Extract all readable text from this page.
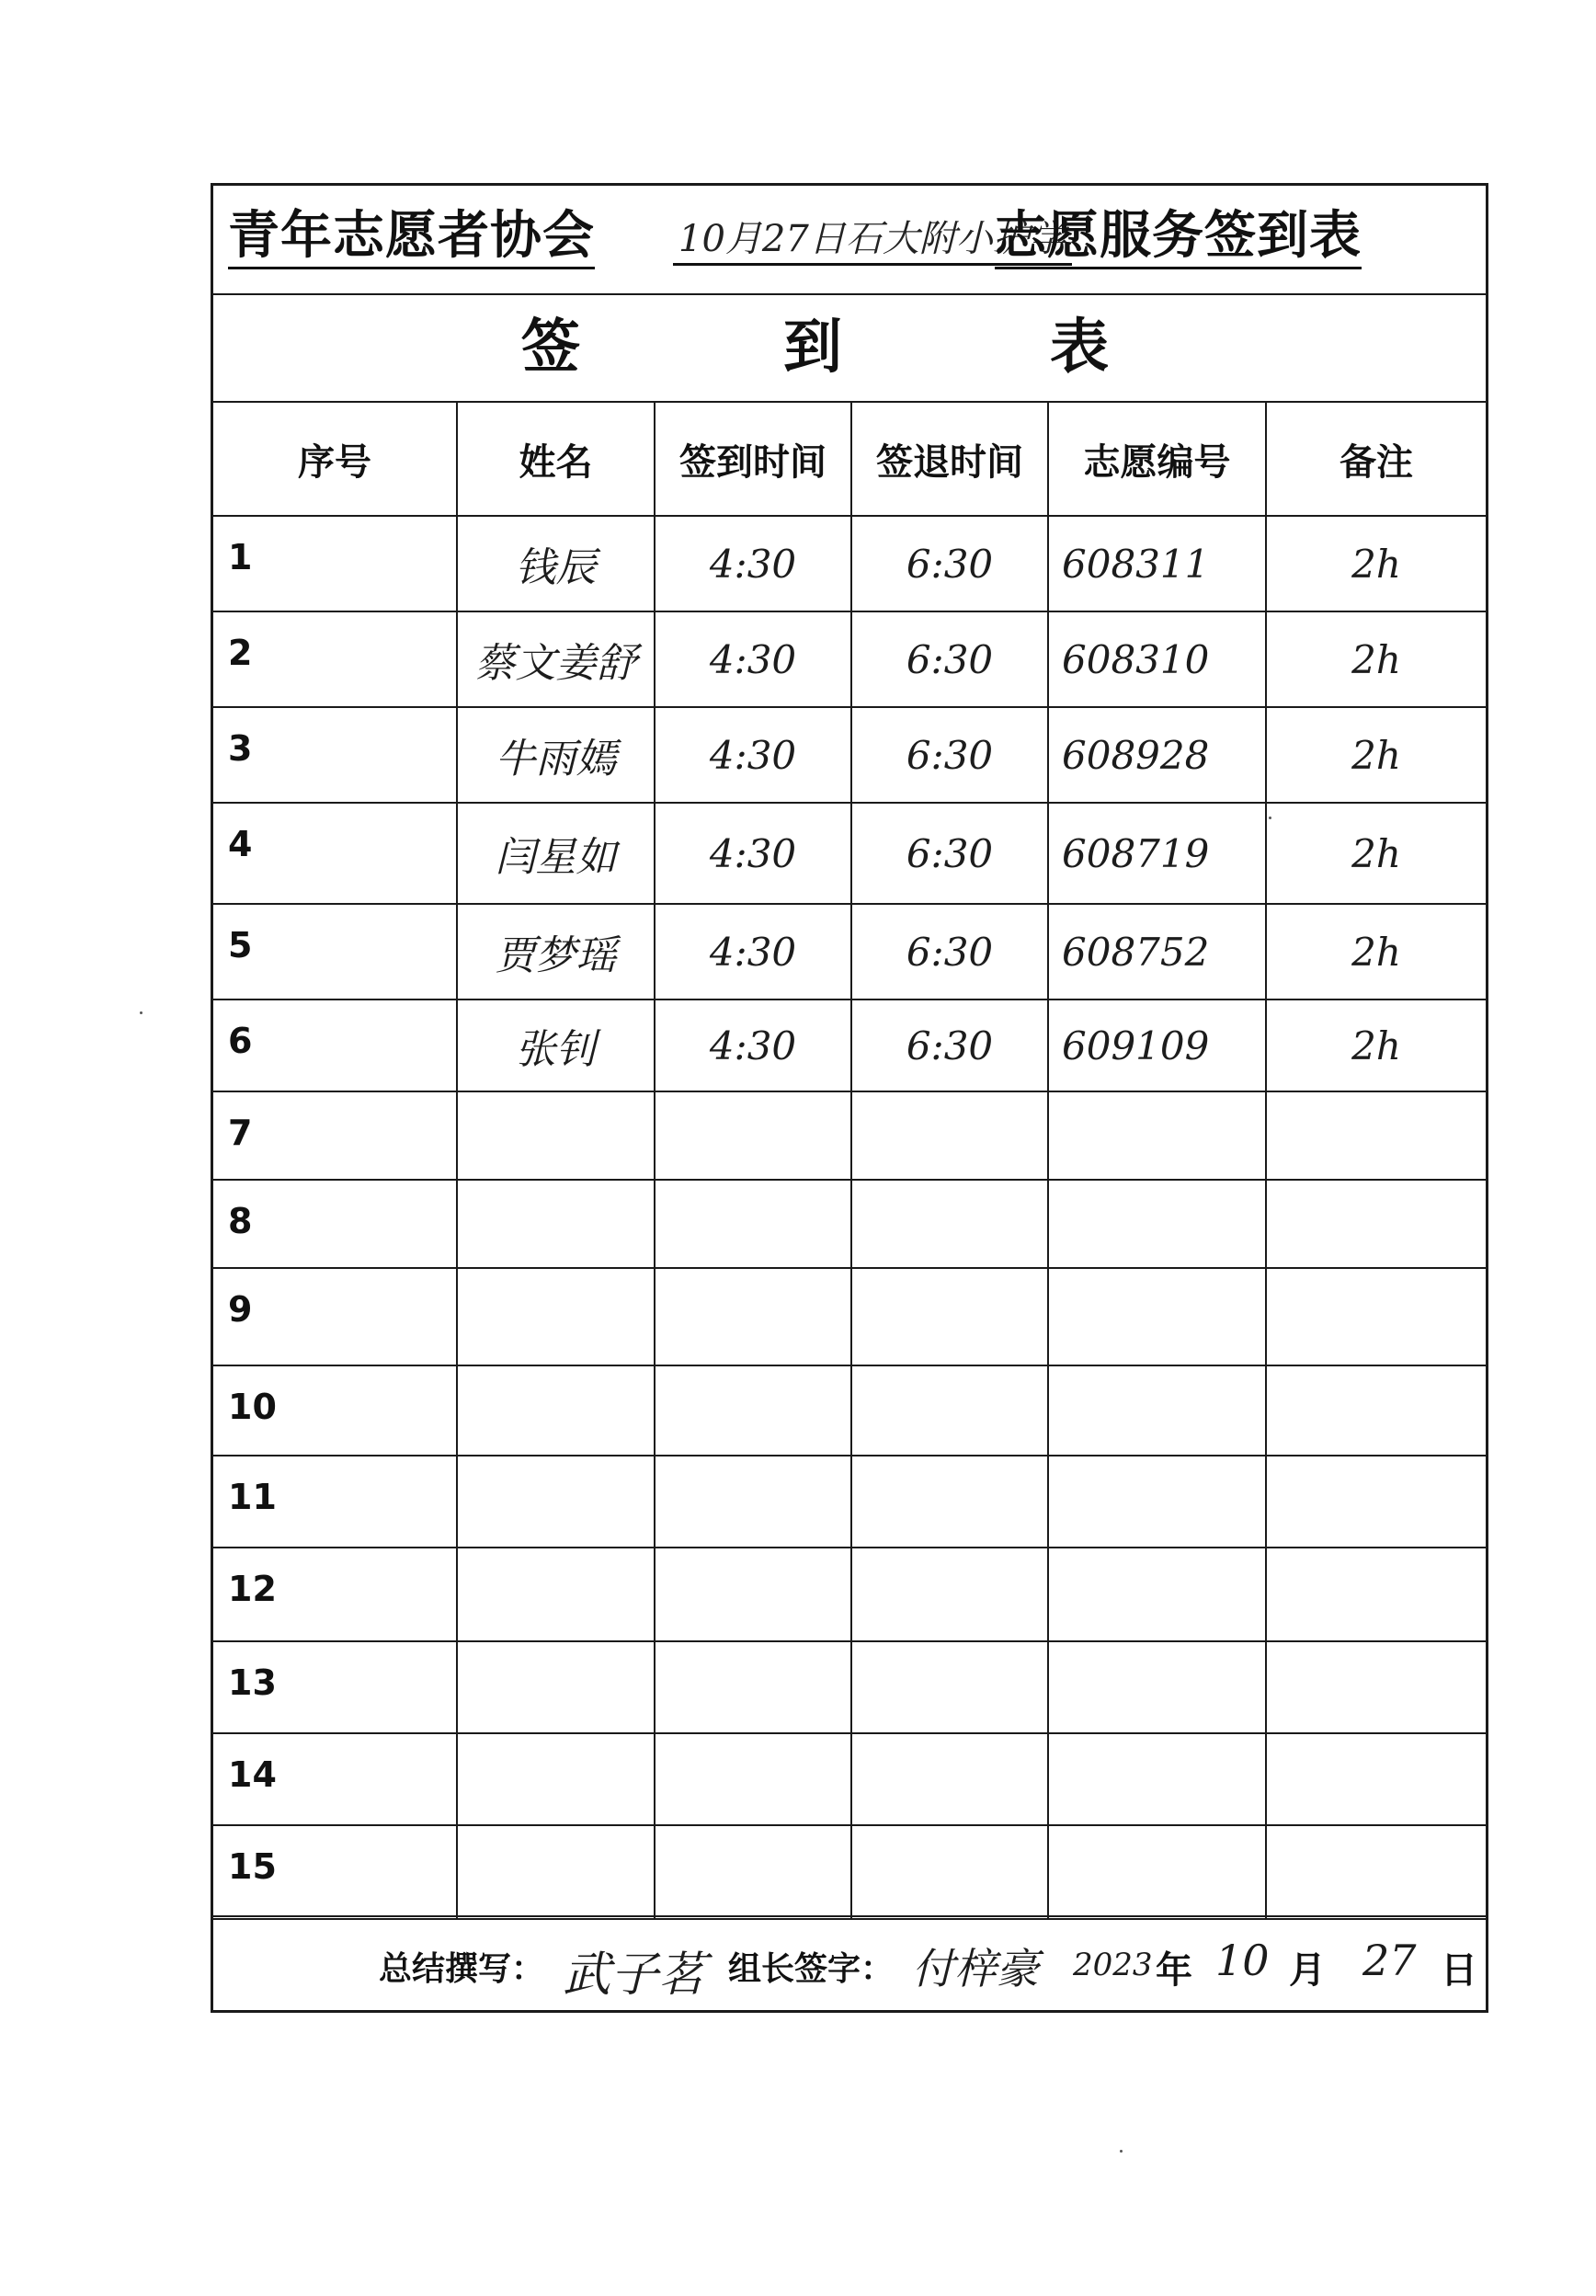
青年志愿者协会 10月27日石大附小护学
志愿服务签到表
签	到	表
序号	姓名	签到时间	签退时间	志愿编号	备注
1	钱辰	4:30	6:30	608311	2h
2	蔡文姜舒	4:30	6:30	608310	2h
3	牛雨嫣	4:30	6:30	608928	2h
4	闫星如	4:30	6:30	608719	2h
5	贾梦瑶	4:30	6:30	608752	2h
6	张钊	4:30	6:30	609109	2h
7					
8					
9					
10					
11					
12					
13					
14					
15					
总结撰写： 武子茗 组长签字： 付梓豪 2023 年 10 月 27 日
